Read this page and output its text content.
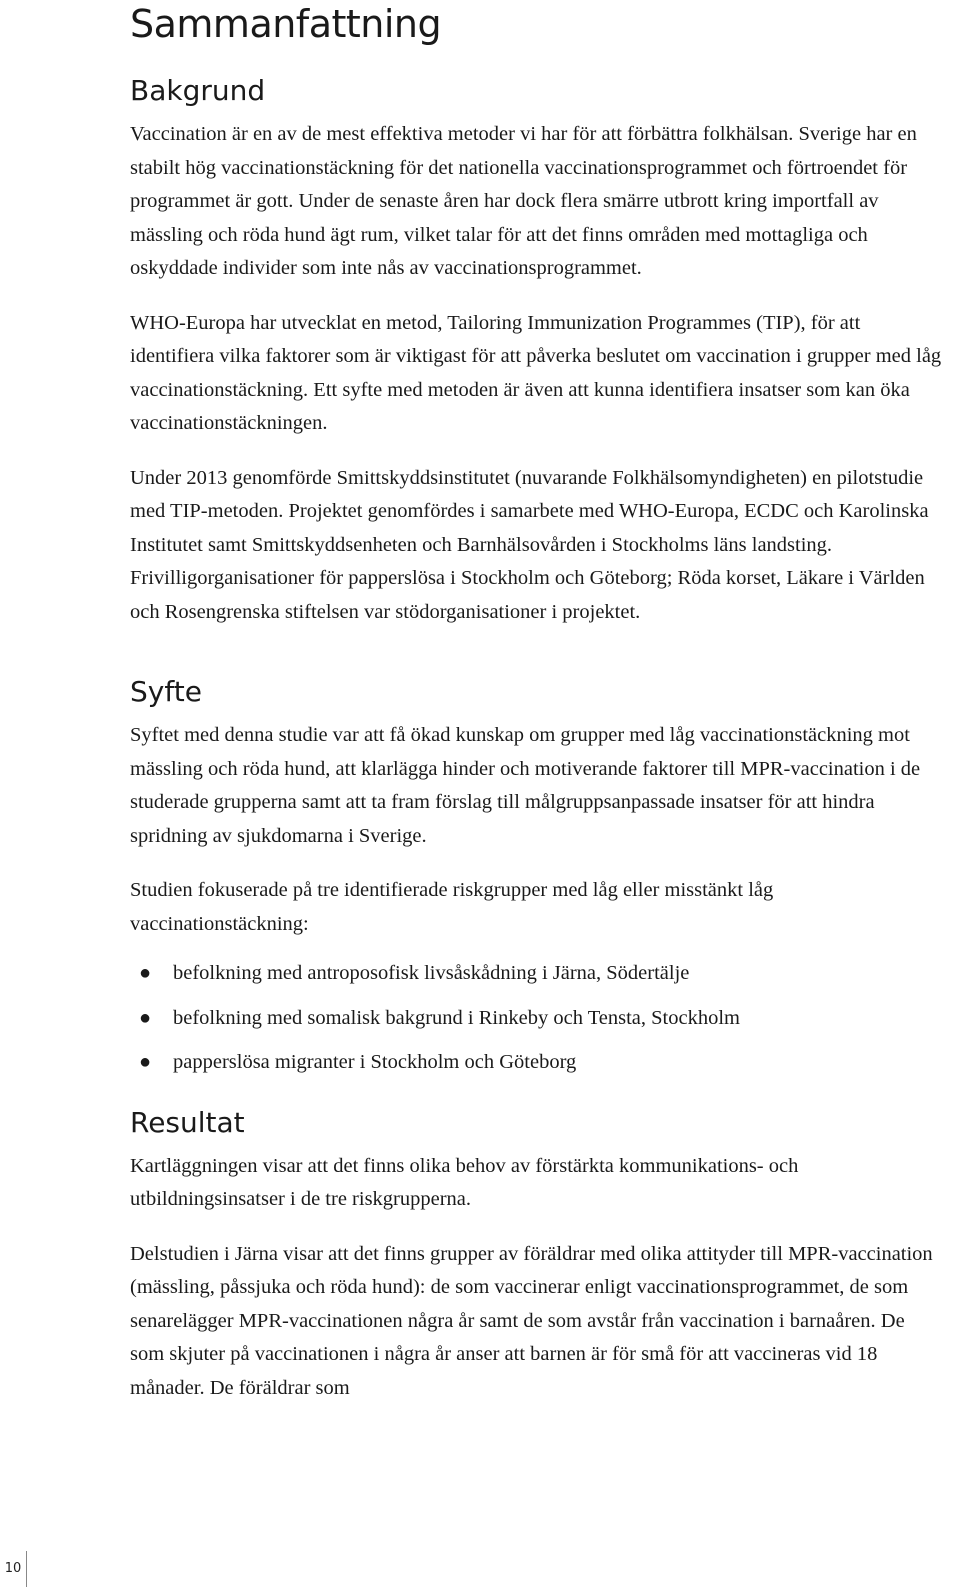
Sammanfattning
Bakgrund

Vaccination är en av de mest effektiva metoder vi har för att förbättra folkhälsan. Sverige har en stabilt hög vaccinationstäckning för det nationella vaccinationsprogrammet och förtroendet för programmet är gott. Under de senaste åren har dock flera smärre utbrott kring importfall av mässling och röda hund ägt rum, vilket talar för att det finns områden med mottagliga och oskyddade individer som inte nås av vaccinationsprogrammet.

WHO-Europa har utvecklat en metod, Tailoring Immunization Programmes (TIP), för att identifiera vilka faktorer som är viktigast för att påverka beslutet om vaccination i grupper med låg vaccinationstäckning. Ett syfte med metoden är även att kunna identifiera insatser som kan öka vaccinationstäckningen.

Under 2013 genomförde Smittskyddsinstitutet (nuvarande Folkhälsomyndigheten) en pilotstudie med TIP-metoden. Projektet genomfördes i samarbete med WHO-Europa, ECDC och Karolinska Institutet samt Smittskyddsenheten och Barnhälsovården i Stockholms läns landsting. Frivilligorganisationer för papperslösa i Stockholm och Göteborg; Röda korset, Läkare i Världen och Rosengrenska stiftelsen var stödorganisationer i projektet.

Syfte

Syftet med denna studie var att få ökad kunskap om grupper med låg vaccinationstäckning mot mässling och röda hund, att klarlägga hinder och motiverande faktorer till MPR-vaccination i de studerade grupperna samt att ta fram förslag till målgruppsanpassade insatser för att hindra spridning av sjukdomarna i Sverige.

Studien fokuserade på tre identifierade riskgrupper med låg eller misstänkt låg vaccinationstäckning:

● befolkning med antroposofisk livsåskådning i Järna, Södertälje
● befolkning med somalisk bakgrund i Rinkeby och Tensta, Stockholm
● papperslösa migranter i Stockholm och Göteborg
Resultat

Kartläggningen visar att det finns olika behov av förstärkta kommunikations- och utbildningsinsatser i de tre riskgrupperna.

Delstudien i Järna visar att det finns grupper av föräldrar med olika attityder till MPR-vaccination (mässling, påssjuka och röda hund): de som vaccinerar enligt vaccinationsprogrammet, de som senarelägger MPR-vaccinationen några år samt de som avstår från vaccination i barnaåren. De som skjuter på vaccinationen i några år anser att barnen är för små för att vaccineras vid 18 månader. De föräldrar som

10
